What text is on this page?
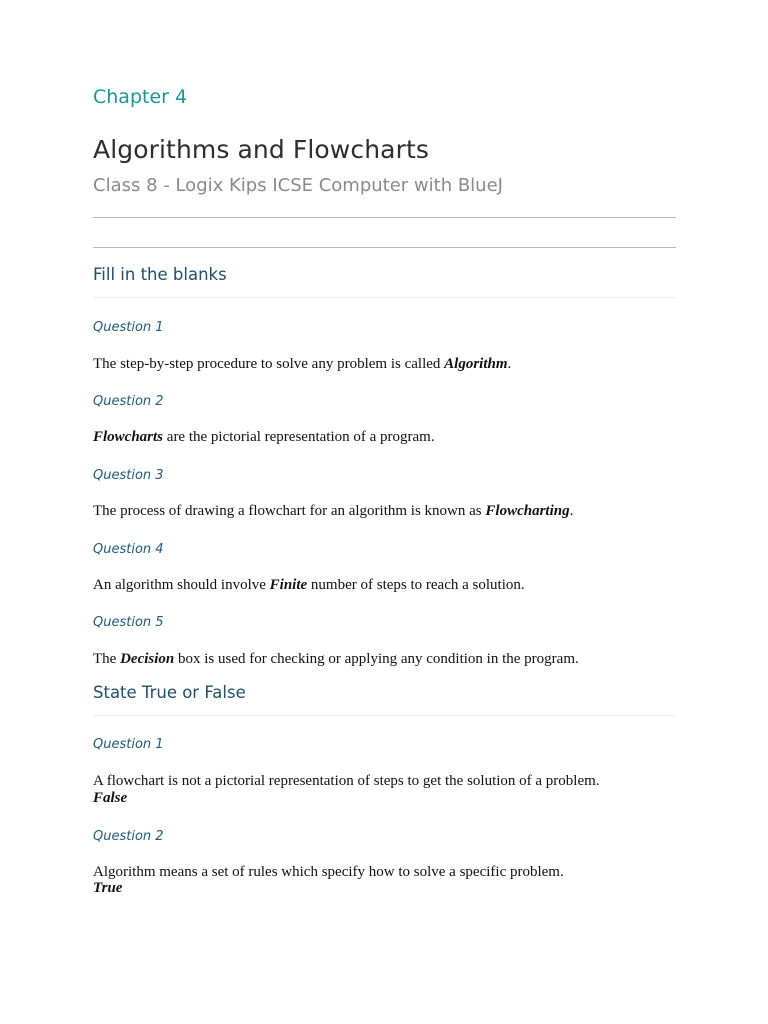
Chapter 4
Algorithms and Flowcharts
Class 8 - Logix Kips ICSE Computer with BlueJ
Fill in the blanks
Question 1
The step-by-step procedure to solve any problem is called Algorithm.
Question 2
Flowcharts are the pictorial representation of a program.
Question 3
The process of drawing a flowchart for an algorithm is known as Flowcharting.
Question 4
An algorithm should involve Finite number of steps to reach a solution.
Question 5
The Decision box is used for checking or applying any condition in the program.
State True or False
Question 1
A flowchart is not a pictorial representation of steps to get the solution of a problem.
False
Question 2
Algorithm means a set of rules which specify how to solve a specific problem.
True
